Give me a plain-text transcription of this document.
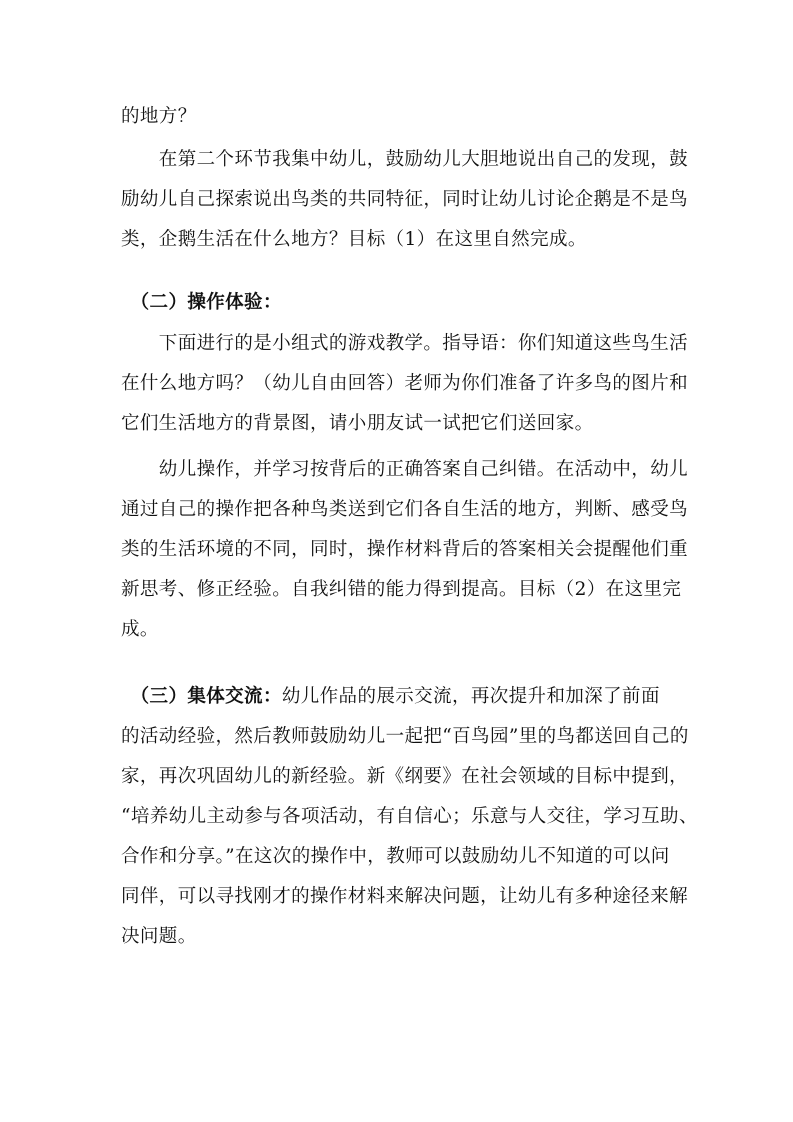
的地方？
　　在第二个环节我集中幼儿，鼓励幼儿大胆地说出自己的发现，鼓
励幼儿自己探索说出鸟类的共同特征，同时让幼儿讨论企鹅是不是鸟
类，企鹅生活在什么地方？目标（1）在这里自然完成。
　（二）操作体验：
　　下面进行的是小组式的游戏教学。指导语：你们知道这些鸟生活
在什么地方吗？（幼儿自由回答）老师为你们准备了许多鸟的图片和
它们生活地方的背景图，请小朋友试一试把它们送回家。
　　幼儿操作，并学习按背后的正确答案自己纠错。在活动中，幼儿
通过自己的操作把各种鸟类送到它们各自生活的地方，判断、感受鸟
类的生活环境的不同，同时，操作材料背后的答案相关会提醒他们重
新思考、修正经验。自我纠错的能力得到提高。目标（2）在这里完
成。
　（三）集体交流：幼儿作品的展示交流，再次提升和加深了前面
的活动经验，然后教师鼓励幼儿一起把“百鸟园”里的鸟都送回自己的
家，再次巩固幼儿的新经验。新《纲要》在社会领域的目标中提到，
“培养幼儿主动参与各项活动，有自信心；乐意与人交往，学习互助、
合作和分享。”在这次的操作中，教师可以鼓励幼儿不知道的可以问
同伴，可以寻找刚才的操作材料来解决问题，让幼儿有多种途径来解
决问题。
